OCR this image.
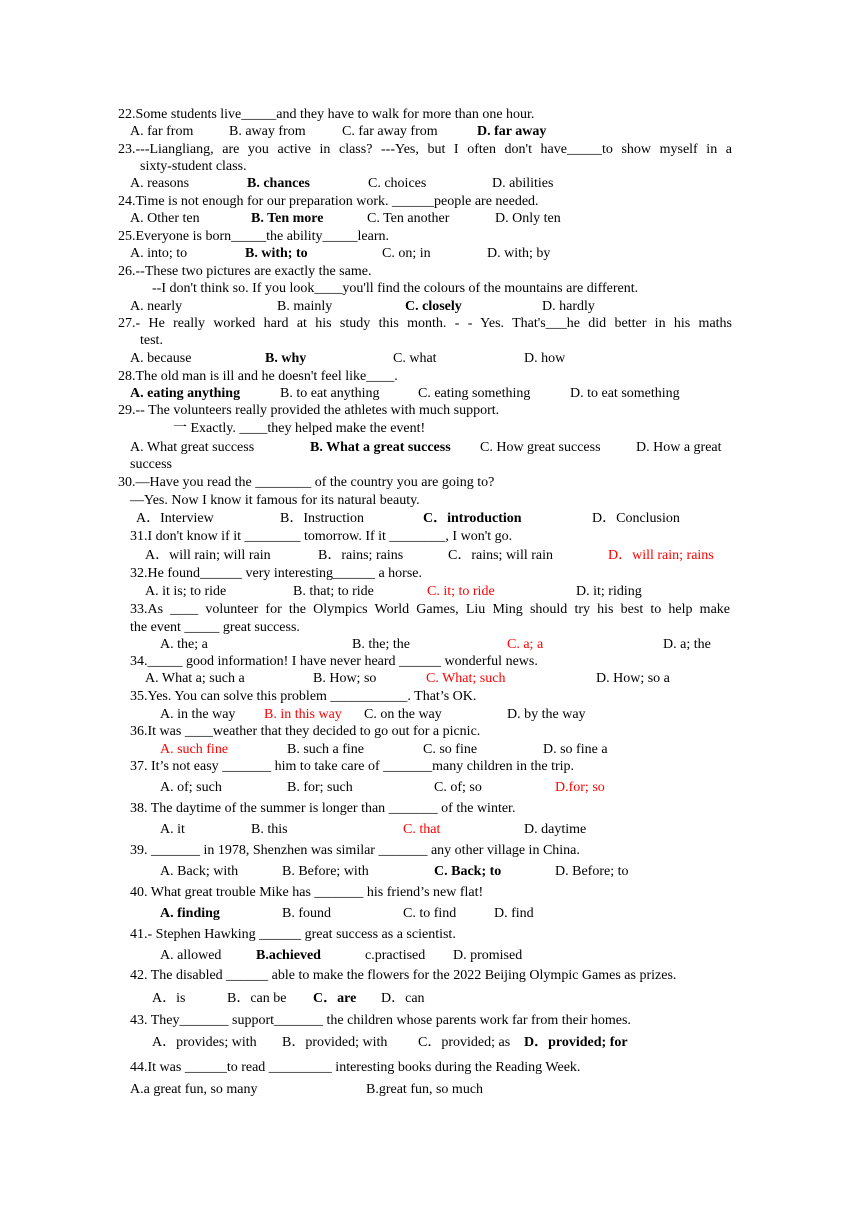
22.Some students live_____and they have to walk for more than one hour.
A. far from	B. away from	C. far away from	D. far away
23.---Liangliang, are you active in class? ---Yes, but I often don't have_____to show myself in a
sixty-student class.
A. reasons	B. chances	C. choices	D. abilities
24.Time is not enough for our preparation work. ______people are needed.
A. Other ten	B. Ten more	C. Ten another	D. Only ten
25.Everyone is born_____the ability_____learn.
A. into; to	B. with; to	C. on; in	D. with; by
26.--These two pictures are exactly the same.
--I don't think so. If you look____you'll find the colours of the mountains are different.
A. nearly	B. mainly	C. closely	D. hardly
27.- He really worked hard at his study this month. - - Yes. That's___he did better in his maths
test.
A. because	B. why	C. what	D. how
28.The old man is ill and he doesn't feel like____.
A. eating anything	B. to eat anything	C. eating something	D. to eat something
29.-- The volunteers really provided the athletes with much support.
一 Exactly. ____they helped make the event!
A. What great success	B. What a great success C. How great success	D. How a great
success
30.—Have you read the ________ of the country you are going to?
—Yes. Now I know it famous for its natural beauty.
A．Interview	B．Instruction	C．introduction	D．Conclusion
31.I don't know if it ________ tomorrow. If it ________, I won't go.
A．will rain; will rain	B．rains; rains	C．rains; will rain	D．will rain; rains
32.He found______ very interesting______ a horse.
A. it is; to ride	B. that; to ride	C. it; to ride	D. it; riding
33.As ____ volunteer for the Olympics World Games, Liu Ming should try his best to help make
the event _____ great success.
A. the; a	B. the; the	C. a; a	D. a; the
34._____ good information! I have never heard ______ wonderful news.
A. What a; such a	B. How; so	C. What; such	D. How; so a
35.Yes. You can solve this problem ___________. That’s OK.
A. in the way B. in this way C. on the way	D. by the way
36.It was ____weather that they decided to go out for a picnic.
A. such fine	B. such a fine	C. so fine	D. so fine a
37. It’s not easy _______ him to take care of _______many children in the trip.
A. of; such	B. for; such	C. of; so	D.for; so
38. The daytime of the summer is longer than _______ of the winter.
A. it	B. this	C. that	D. daytime
39. _______ in 1978, Shenzhen was similar _______ any other village in China.
A. Back; with	B. Before; with	C. Back; to	D. Before; to
40. What great trouble Mike has _______ his friend’s new flat!
A. finding	B. found	C. to find	D. find
41.- Stephen Hawking ______ great success as a scientist.
A. allowed B.achieved	c.practised D. promised
42. The disabled ______ able to make the flowers for the 2022 Beijing Olympic Games as prizes.
A．is	B．can be C．are D．can
43. They_______ support_______ the children whose parents work far from their homes.
A．provides; with B．provided; with C．provided; as D．provided; for
44.It was ______to read _________ interesting books during the Reading Week.
A.a great fun, so many	B.great fun, so much
